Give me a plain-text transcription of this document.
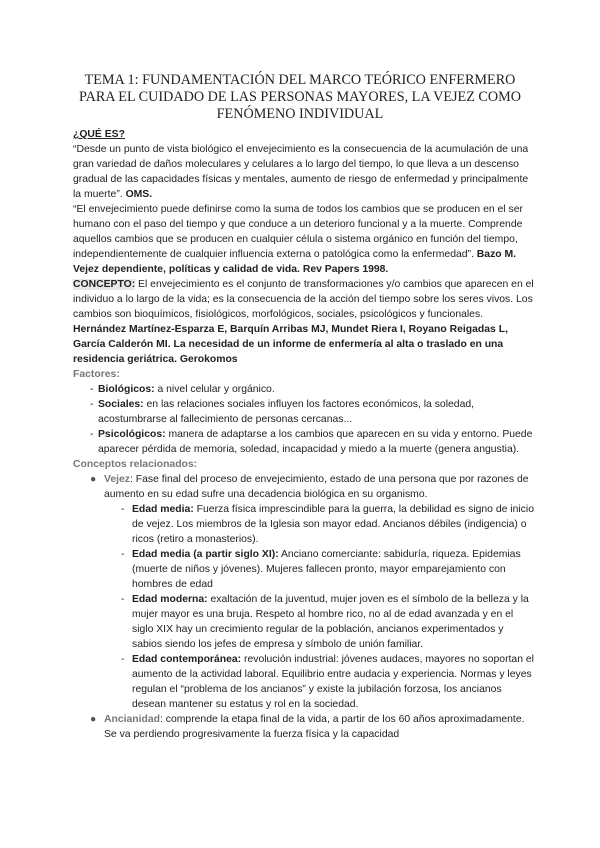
TEMA 1: FUNDAMENTACIÓN DEL MARCO TEÓRICO ENFERMERO PARA EL CUIDADO DE LAS PERSONAS MAYORES, LA VEJEZ COMO FENÓMENO INDIVIDUAL

¿QUÉ ES?

“Desde un punto de vista biológico el envejecimiento es la consecuencia de la acumulación de una gran variedad de daños moleculares y celulares a lo largo del tiempo, lo que lleva a un descenso gradual de las capacidades físicas y mentales, aumento de riesgo de enfermedad y principalmente la muerte”. OMS.

“El envejecimiento puede definirse como la suma de todos los cambios que se producen en el ser humano con el paso del tiempo y que conduce a un deterioro funcional y a la muerte. Comprende aquellos cambios que se producen en cualquier célula o sistema orgánico en función del tiempo, independientemente de cualquier influencia externa o patológica como la enfermedad”. Bazo M. Vejez dependiente, políticas y calidad de vida. Rev Papers 1998.

CONCEPTO: El envejecimiento es el conjunto de transformaciones y/o cambios que aparecen en el individuo a lo largo de la vida; es la consecuencia de la acción del tiempo sobre los seres vivos. Los cambios son bioquímicos, fisiológicos, morfológicos, sociales, psicológicos y funcionales. Hernández Martínez-Esparza E, Barquín Arribas MJ, Mundet Riera I, Royano Reigadas L, García Calderón MI. La necesidad de un informe de enfermería al alta o traslado en una residencia geriátrica. Gerokomos

Factores:

- Biológicos: a nivel celular y orgánico.
- Sociales: en las relaciones sociales influyen los factores económicos, la soledad, acostumbrarse al fallecimiento de personas cercanas...
- Psicológicos: manera de adaptarse a los cambios que aparecen en su vida y entorno. Puede aparecer pérdida de memoria, soledad, incapacidad y miedo a la muerte (genera angustia).

Conceptos relacionados:

● Vejez: Fase final del proceso de envejecimiento, estado de una persona que por razones de aumento en su edad sufre una decadencia biológica en su organismo.
- Edad media: Fuerza física imprescindible para la guerra, la debilidad es signo de inicio de vejez. Los miembros de la Iglesia son mayor edad. Ancianos débiles (indigencia) o ricos (retiro a monasterios).
- Edad media (a partir siglo XI): Anciano comerciante: sabiduría, riqueza. Epidemias (muerte de niños y jóvenes). Mujeres fallecen pronto, mayor emparejamiento con hombres de edad
- Edad moderna: exaltación de la juventud, mujer joven es el símbolo de la belleza y la mujer mayor es una bruja. Respeto al hombre rico, no al de edad avanzada y en el siglo XIX hay un crecimiento regular de la población, ancianos experimentados y sabios siendo los jefes de empresa y símbolo de unión familiar.
- Edad contemporánea: revolución industrial: jóvenes audaces, mayores no soportan el aumento de la actividad laboral. Equilibrio entre audacia y experiencia. Normas y leyes regulan el “problema de los ancianos” y existe la jubilación forzosa, los ancianos desean mantener su estatus y rol en la sociedad.
● Ancianidad: comprende la etapa final de la vida, a partir de los 60 años aproximadamente. Se va perdiendo progresivamente la fuerza física y la capacidad
